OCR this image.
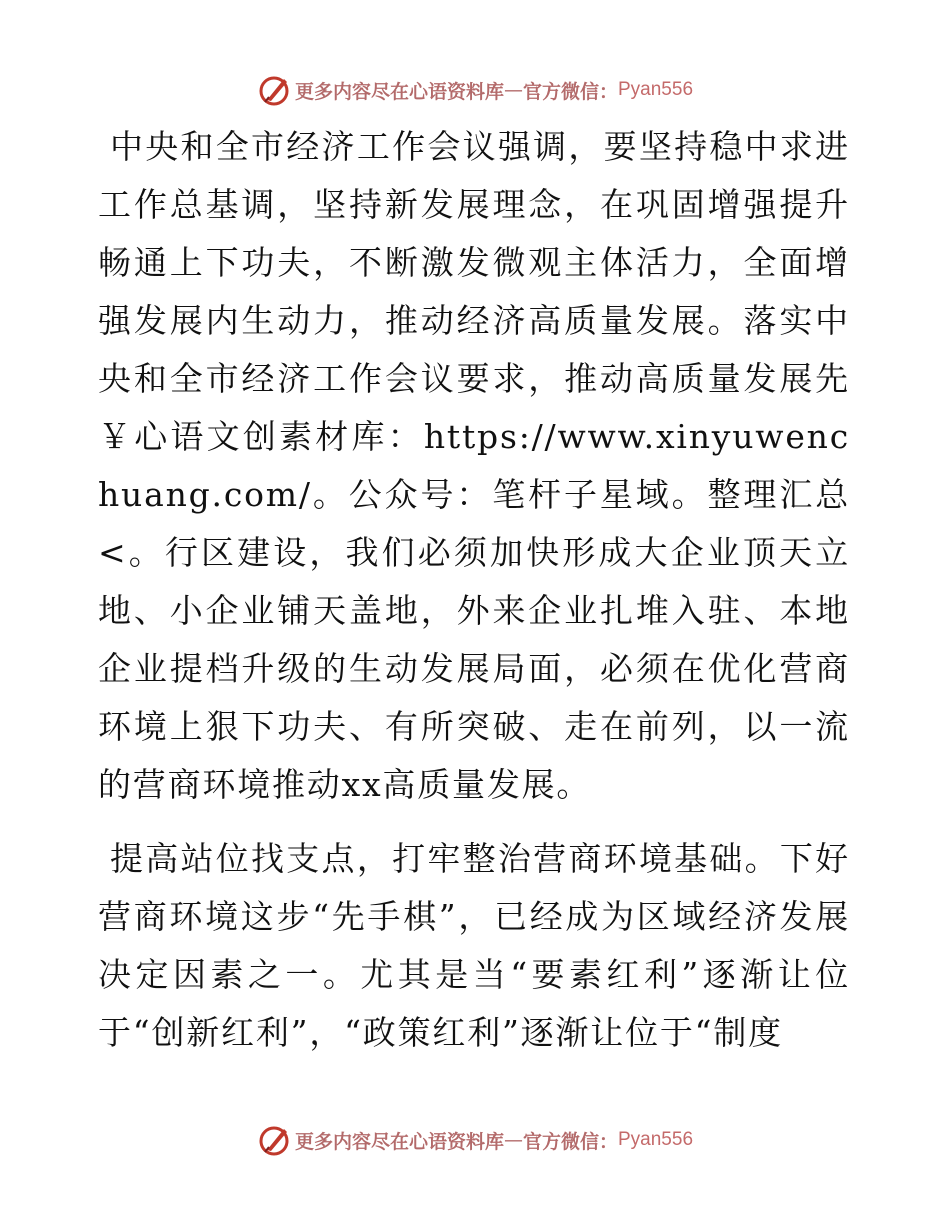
更多内容尽在心语资料库 — 官方微信： Pyan556

中央和全市经济工作会议强调，要坚持稳中求进工作总基调，坚持新发展理念，在巩固增强提升畅通上下功夫，不断激发微观主体活力，全面增强发展内生动力，推动经济高质量发展。落实中央和全市经济工作会议要求，推动高质量发展先￥心语文创素材库：https://www.xinyuwenchuang.com/。公众号：笔杆子星域。整理汇总<。行区建设，我们必须加快形成大企业顶天立地、小企业铺天盖地，外来企业扎堆入驻、本地企业提档升级的生动发展局面，必须在优化营商环境上狠下功夫、有所突破、走在前列，以一流的营商环境推动xx高质量发展。

提高站位找支点，打牢整治营商环境基础。下好营商环境这步“先手棋”，已经成为区域经济发展决定因素之一。尤其是当“要素红利”逐渐让位于“创新红利”，“政策红利”逐渐让位于“制度

更多内容尽在心语资料库 — 官方微信： Pyan556
